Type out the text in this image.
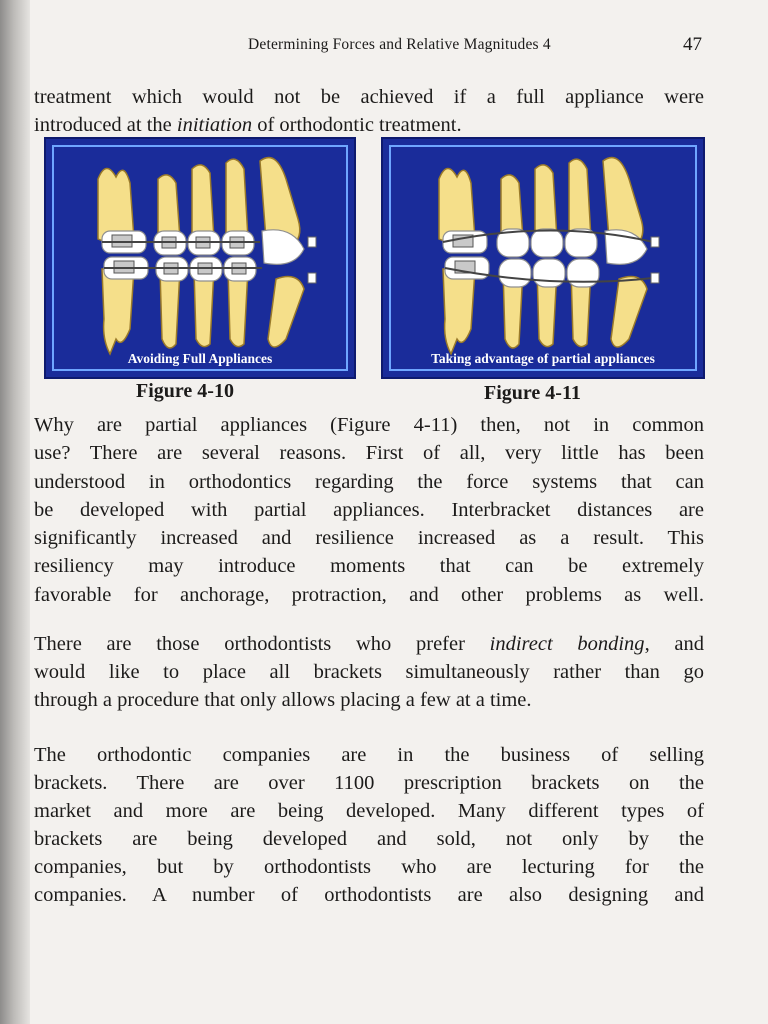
Determining Forces and Relative Magnitudes 4	47
treatment which would not be achieved if a full appliance were
introduced at the initiation of orthodontic treatment.
Avoiding Full Appliances	Taking advantage of partial appliances
Figure 4-10	Figure 4-11
Why are partial appliances (Figure 4-11) then, not in common
use? There are several reasons. First of all, very little has been
understood in orthodontics regarding the force systems that can
be developed with partial appliances. Interbracket distances are
significantly increased and resilience increased as a result. This
resiliency may introduce moments that can be extremely
favorable for anchorage, protraction, and other problems as well.
There are those orthodontists who prefer indirect bonding, and
would like to place all brackets simultaneously rather than go
through a procedure that only allows placing a few at a time.
The orthodontic companies are in the business of selling
brackets. There are over 1100 prescription brackets on the
market and more are being developed. Many different types of
brackets are being developed and sold, not only by the
companies, but by orthodontists who are lecturing for the
companies. A number of orthodontists are also designing and
